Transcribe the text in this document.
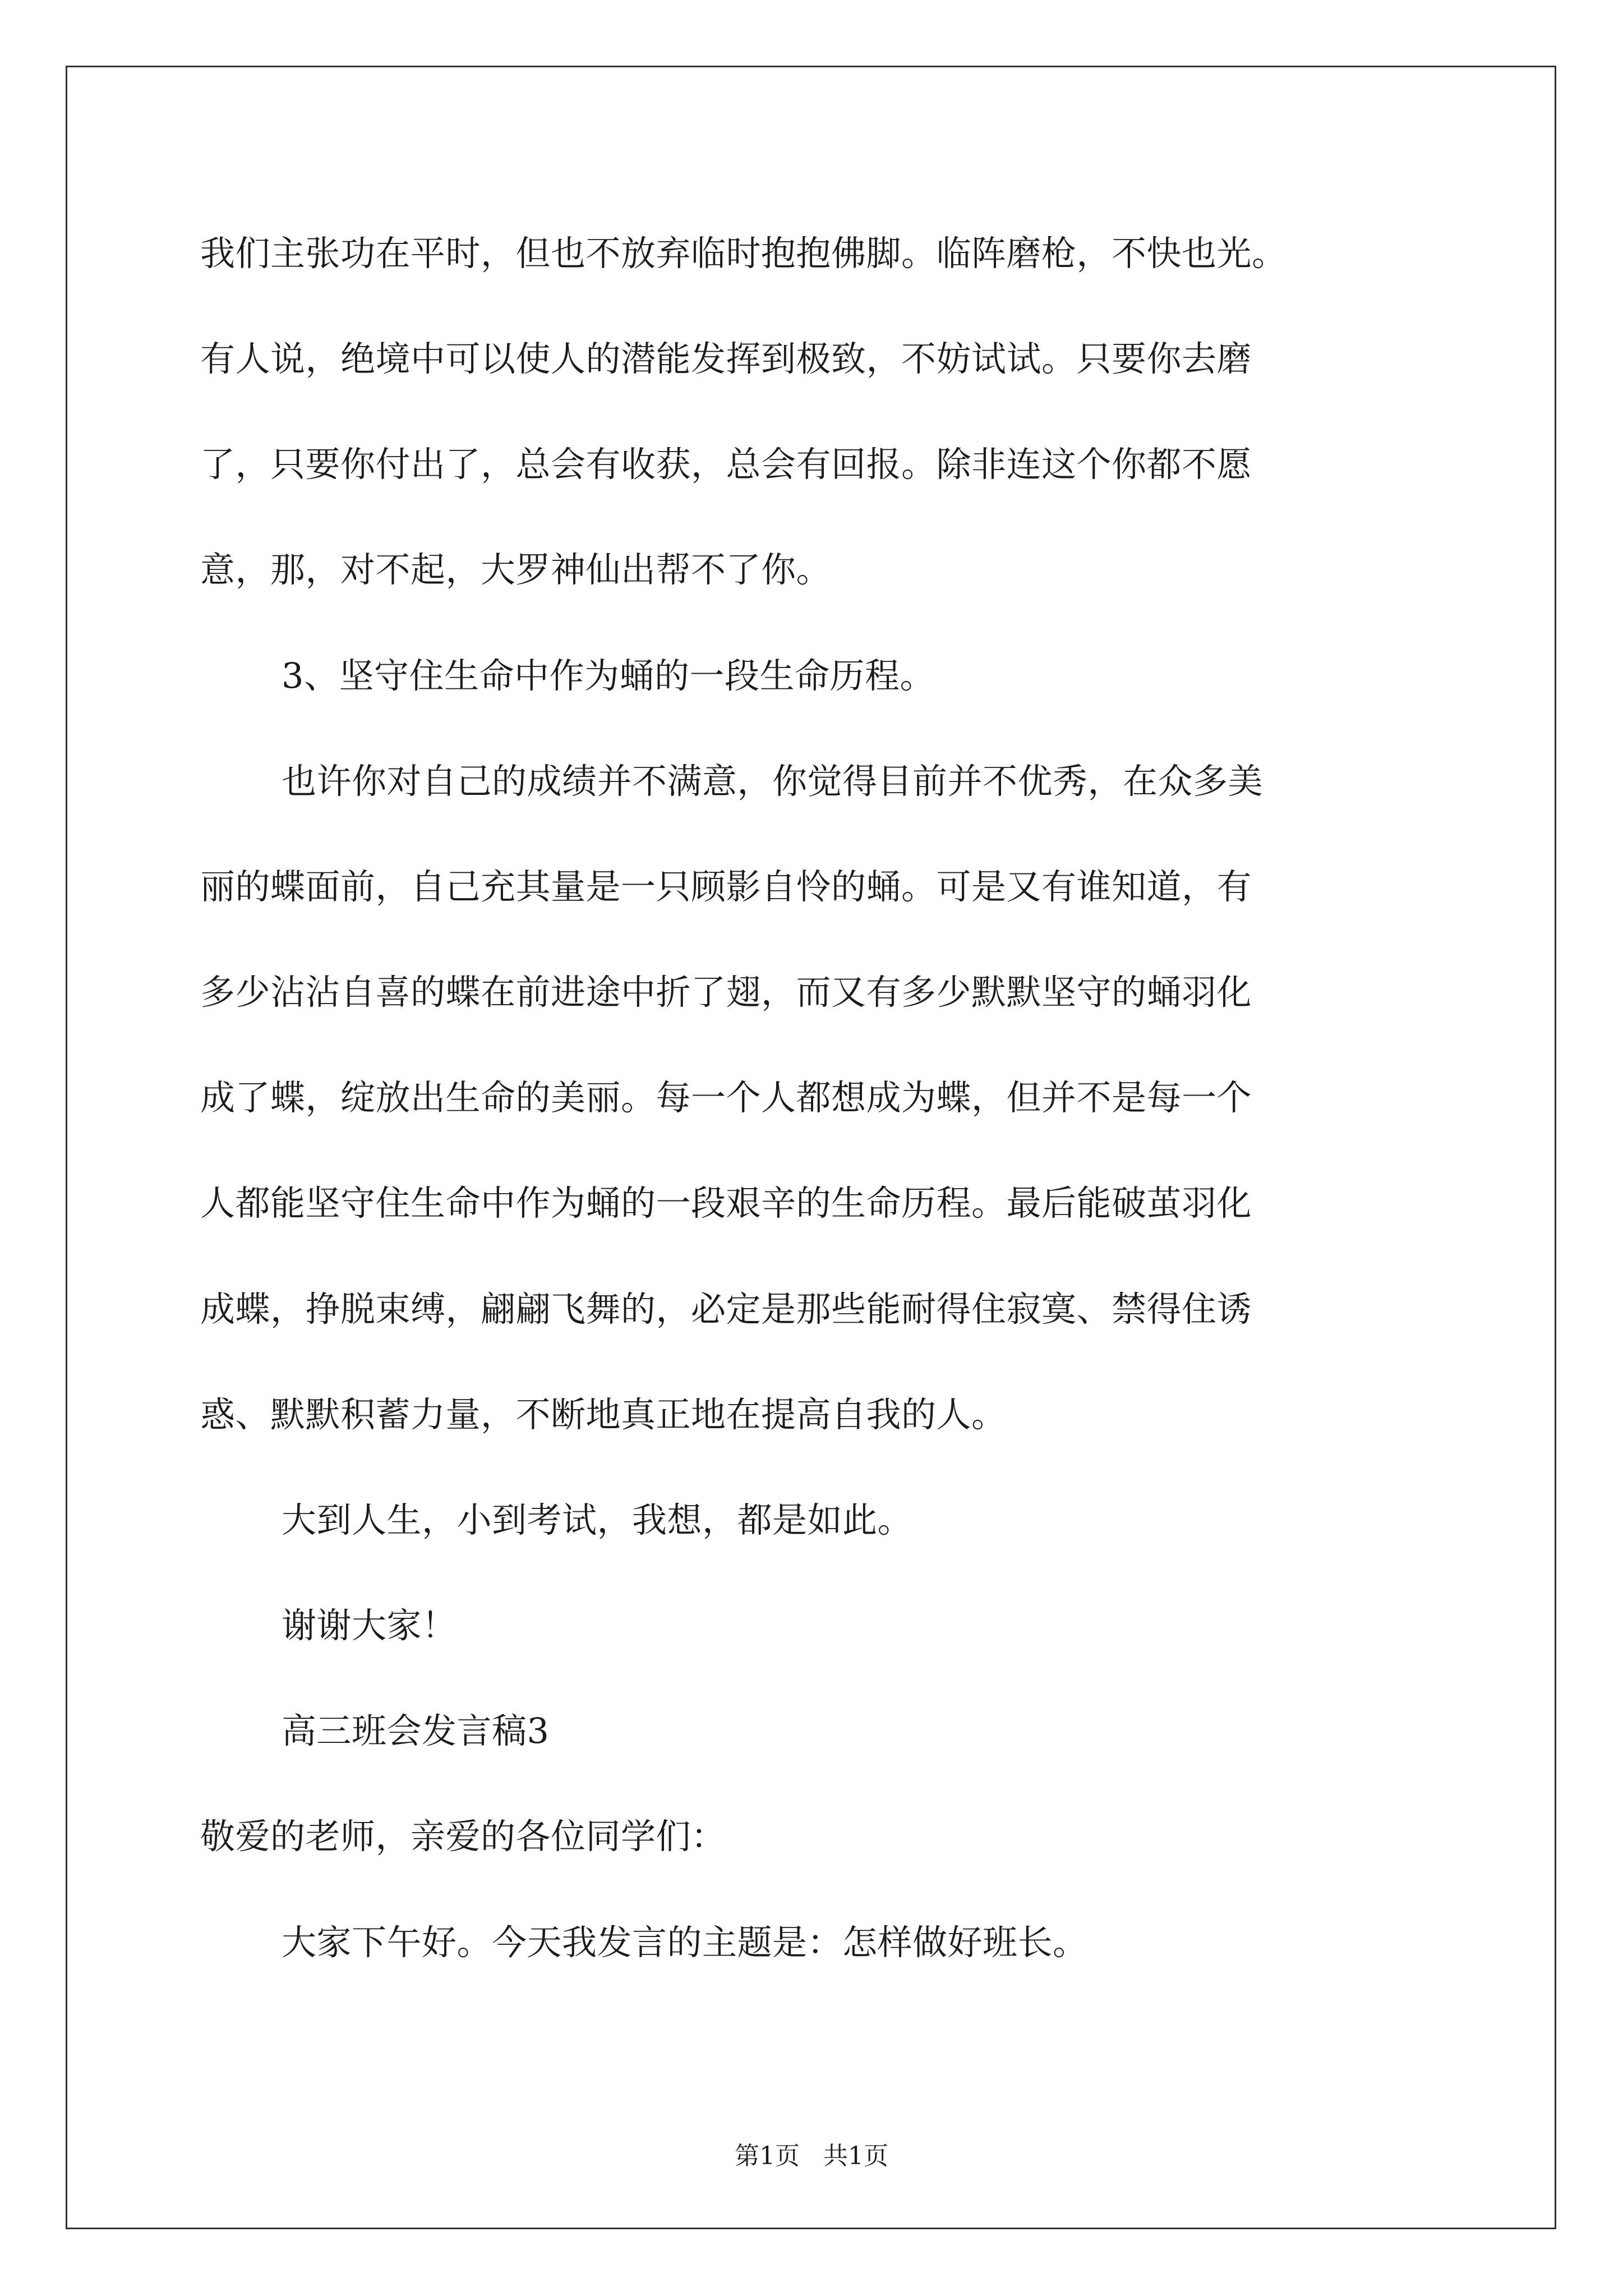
我们主张功在平时，但也不放弃临时抱抱佛脚。临阵磨枪，不快也光。
有人说，绝境中可以使人的潜能发挥到极致，不妨试试。只要你去磨
了，只要你付出了，总会有收获，总会有回报。除非连这个你都不愿
意，那，对不起，大罗神仙出帮不了你。
3、坚守住生命中作为蛹的一段生命历程。
也许你对自己的成绩并不满意，你觉得目前并不优秀，在众多美
丽的蝶面前，自己充其量是一只顾影自怜的蛹。可是又有谁知道，有
多少沾沾自喜的蝶在前进途中折了翅，而又有多少默默坚守的蛹羽化
成了蝶，绽放出生命的美丽。每一个人都想成为蝶，但并不是每一个
人都能坚守住生命中作为蛹的一段艰辛的生命历程。最后能破茧羽化
成蝶，挣脱束缚，翩翩飞舞的，必定是那些能耐得住寂寞、禁得住诱
惑、默默积蓄力量，不断地真正地在提高自我的人。
大到人生，小到考试，我想，都是如此。
谢谢大家！
高三班会发言稿3
敬爱的老师，亲爱的各位同学们：
大家下午好。今天我发言的主题是：怎样做好班长。
第1页 共1页
